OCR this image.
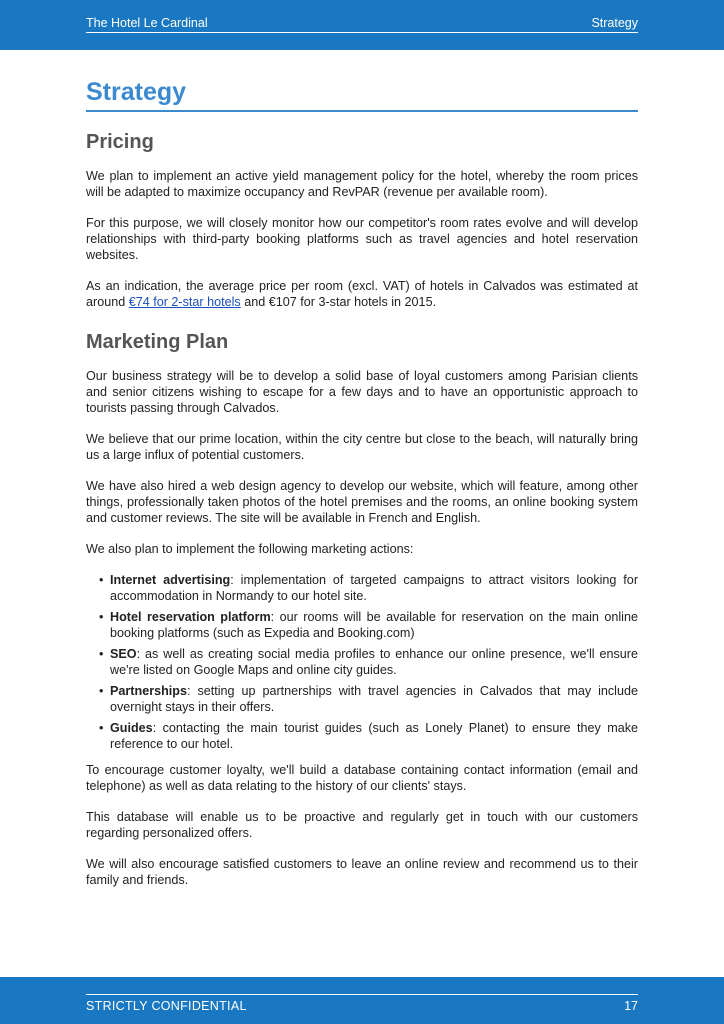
The Hotel Le Cardinal	Strategy
Strategy
Pricing

We plan to implement an active yield management policy for the hotel, whereby the room prices will be adapted to maximize occupancy and RevPAR (revenue per available room).

For this purpose, we will closely monitor how our competitor's room rates evolve and will develop relationships with third-party booking platforms such as travel agencies and hotel reservation websites.

As an indication, the average price per room (excl. VAT) of hotels in Calvados was estimated at around €74 for 2-star hotels and €107 for 3-star hotels in 2015.

Marketing Plan

Our business strategy will be to develop a solid base of loyal customers among Parisian clients and senior citizens wishing to escape for a few days and to have an opportunistic approach to tourists passing through Calvados.

We believe that our prime location, within the city centre but close to the beach, will naturally bring us a large influx of potential customers.

We have also hired a web design agency to develop our website, which will feature, among other things, professionally taken photos of the hotel premises and the rooms, an online booking system and customer reviews. The site will be available in French and English.

We also plan to implement the following marketing actions:

• Internet advertising: implementation of targeted campaigns to attract visitors looking for accommodation in Normandy to our hotel site.
• Hotel reservation platform: our rooms will be available for reservation on the main online booking platforms (such as Expedia and Booking.com)
• SEO: as well as creating social media profiles to enhance our online presence, we'll ensure we're listed on Google Maps and online city guides.
• Partnerships: setting up partnerships with travel agencies in Calvados that may include overnight stays in their offers.
• Guides: contacting the main tourist guides (such as Lonely Planet) to ensure they make reference to our hotel.

To encourage customer loyalty, we'll build a database containing contact information (email and telephone) as well as data relating to the history of our clients' stays.

This database will enable us to be proactive and regularly get in touch with our customers regarding personalized offers.

We will also encourage satisfied customers to leave an online review and recommend us to their family and friends.

STRICTLY CONFIDENTIAL	17
